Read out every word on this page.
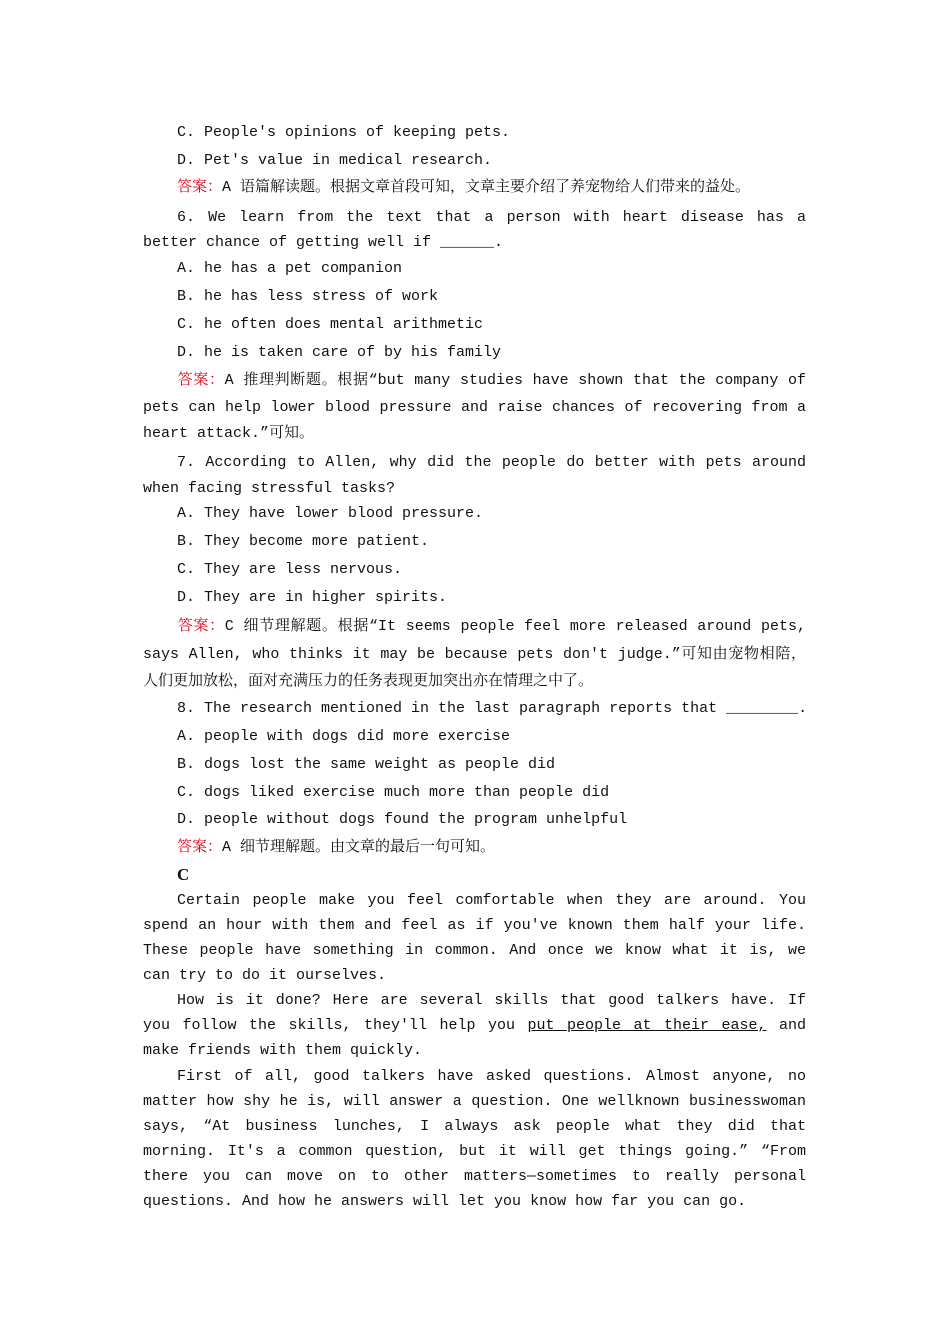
C. People's opinions of keeping pets.
D. Pet's value in medical research.
答案：A 语篇解读题。根据文章首段可知，文章主要介绍了养宠物给人们带来的益处。
6. We learn from the text that a person with heart disease has a better chance of getting well if ______.
A. he has a pet companion
B. he has less stress of work
C. he often does mental arithmetic
D. he is taken care of by his family
答案：A 推理判断题。根据“but many studies have shown that the company of pets can help lower blood pressure and raise chances of recovering from a heart attack.”可知。
7. According to Allen, why did the people do better with pets around when facing stressful tasks?
A. They have lower blood pressure.
B. They become more patient.
C. They are less nervous.
D. They are in higher spirits.
答案：C 细节理解题。根据“It seems people feel more released around pets, says Allen, who thinks it may be because pets don't judge.”可知由宠物相陪，人们更加放松，面对充满压力的任务表现更加突出亦在情理之中了。
8. The research mentioned in the last paragraph reports that ________.
A. people with dogs did more exercise
B. dogs lost the same weight as people did
C. dogs liked exercise much more than people did
D. people without dogs found the program unhelpful
答案：A 细节理解题。由文章的最后一句可知。
C
Certain people make you feel comfortable when they are around. You spend an hour with them and feel as if you've known them half your life. These people have something in common. And once we know what it is, we can try to do it ourselves.
How is it done? Here are several skills that good talkers have. If you follow the skills, they'll help you put people at their ease, and make friends with them quickly.
First of all, good talkers have asked questions. Almost anyone, no matter how shy he is, will answer a question. One wellknown businesswoman says, “At business lunches, I always ask people what they did that morning. It's a common question, but it will get things going.” “From there you can move on to other matters—sometimes to really personal questions. And how he answers will let you know how far you can go.
